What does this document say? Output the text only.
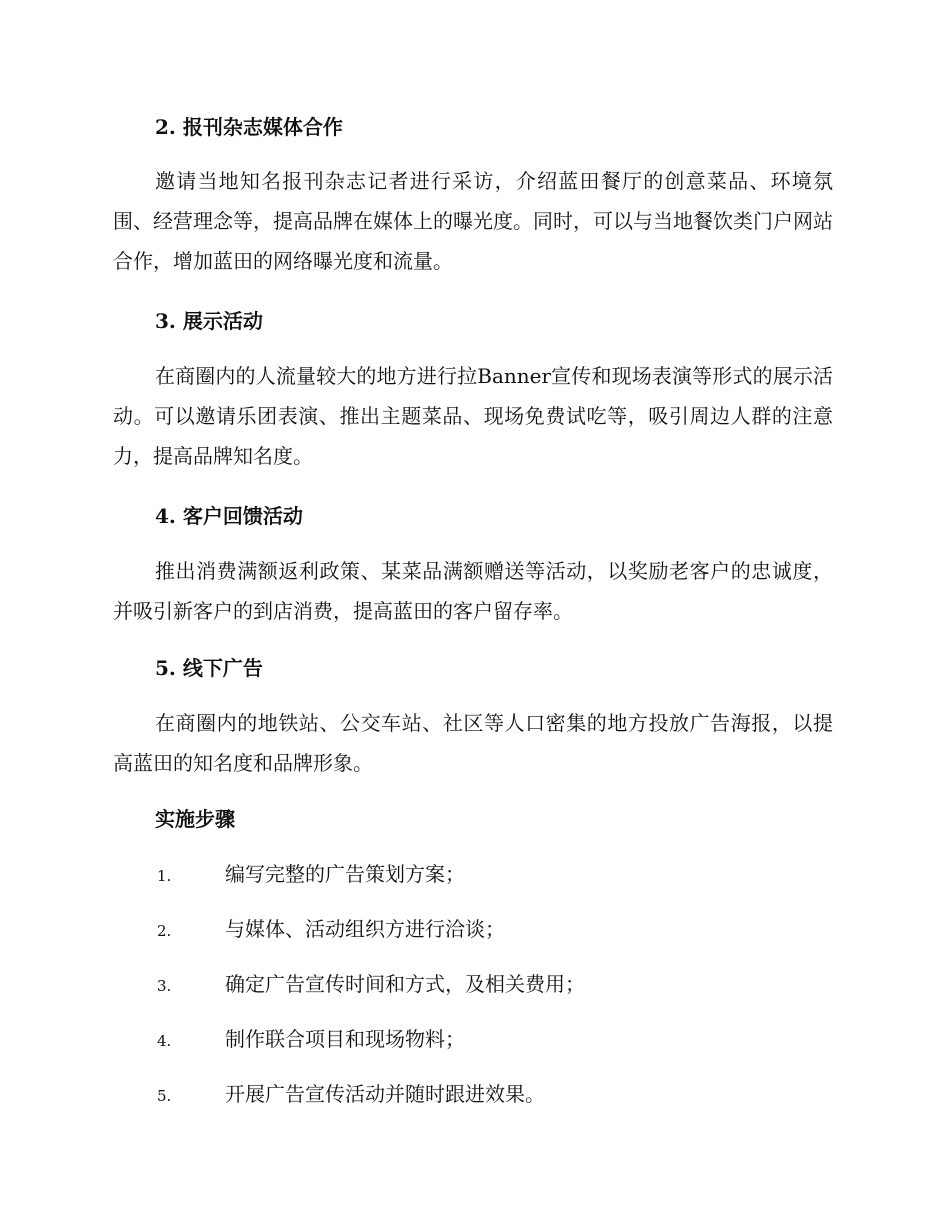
2. 报刊杂志媒体合作
邀请当地知名报刊杂志记者进行采访，介绍蓝田餐厅的创意菜品、环境氛围、经营理念等，提高品牌在媒体上的曝光度。同时，可以与当地餐饮类门户网站合作，增加蓝田的网络曝光度和流量。
3. 展示活动
在商圈内的人流量较大的地方进行拉Banner宣传和现场表演等形式的展示活动。可以邀请乐团表演、推出主题菜品、现场免费试吃等，吸引周边人群的注意力，提高品牌知名度。
4. 客户回馈活动
推出消费满额返利政策、某菜品满额赠送等活动，以奖励老客户的忠诚度，并吸引新客户的到店消费，提高蓝田的客户留存率。
5. 线下广告
在商圈内的地铁站、公交车站、社区等人口密集的地方投放广告海报，以提高蓝田的知名度和品牌形象。
实施步骤
1.	编写完整的广告策划方案；
2.	与媒体、活动组织方进行洽谈；
3.	确定广告宣传时间和方式，及相关费用；
4.	制作联合项目和现场物料；
5.	开展广告宣传活动并随时跟进效果。
